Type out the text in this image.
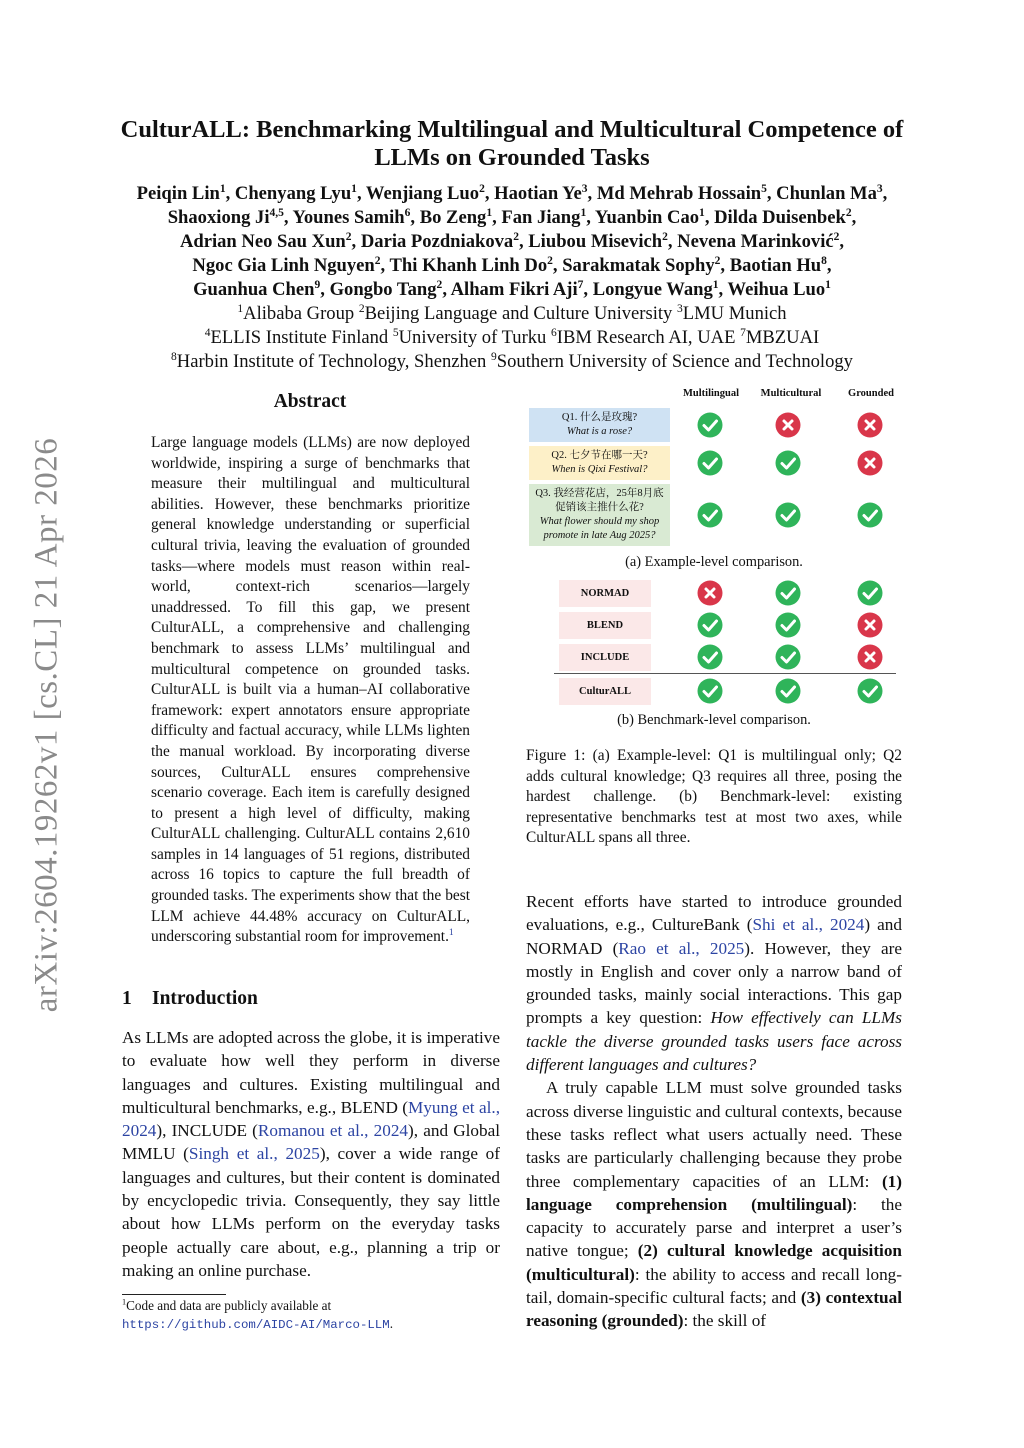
arXiv:2604.19262v1 [cs.CL] 21 Apr 2026
CulturALL: Benchmarking Multilingual and Multicultural Competence of
LLMs on Grounded Tasks
Peiqin Lin$^1$, Chenyang Lyu$^1$, Wenjiang Luo$^2$, Haotian Ye$^3$, Md Mehrab Hossain$^5$, Chunlan Ma$^3$,
Shaoxiong Ji$^{4,5}$, Younes Samih$^6$, Bo Zeng$^1$, Fan Jiang$^1$, Yuanbin Cao$^1$, Dilda Duisenbek$^2$,
Adrian Neo Sau Xun$^2$, Daria Pozdniakova$^2$, Liubou Misevich$^2$, Nevena Marinković$^2$,
Ngoc Gia Linh Nguyen$^2$, Thi Khanh Linh Do$^2$, Sarakmatak Sophy$^2$, Baotian Hu$^8$,
Guanhua Chen$^9$, Gongbo Tang$^2$, Alham Fikri Aji$^7$, Longyue Wang$^1$, Weihua Luo$^1$
$^1$Alibaba Group $^2$Beijing Language and Culture University $^3$LMU Munich
$^4$ELLIS Institute Finland $^5$University of Turku $^6$IBM Research AI, UAE $^7$MBZUAI
$^8$Harbin Institute of Technology, Shenzhen $^9$Southern University of Science and Technology
Abstract
Large language models (LLMs) are now deployed worldwide, inspiring a surge of benchmarks that measure their multilingual and multicultural abilities. However, these benchmarks prioritize general knowledge understanding or superficial cultural trivia, leaving the evaluation of grounded tasks—where models must reason within real-world, context-rich scenarios—largely unaddressed. To fill this gap, we present CulturALL, a comprehensive and challenging benchmark to assess LLMs’ multilingual and multicultural competence on grounded tasks. CulturALL is built via a human–AI collaborative framework: expert annotators ensure appropriate difficulty and factual accuracy, while LLMs lighten the manual workload. By incorporating diverse sources, CulturALL ensures comprehensive scenario coverage. Each item is carefully designed to present a high level of difficulty, making CulturALL challenging. CulturALL contains 2,610 samples in 14 languages of 51 regions, distributed across 16 topics to capture the full breadth of grounded tasks. The experiments show that the best LLM achieve 44.48% accuracy on CulturALL, underscoring substantial room for improvement.$^1$
1 Introduction
As LLMs are adopted across the globe, it is imperative to evaluate how well they perform in diverse languages and cultures. Existing multilingual and multicultural benchmarks, e.g., BLEND (Myung et al., 2024), INCLUDE (Romanou et al., 2024), and Global MMLU (Singh et al., 2025), cover a wide range of languages and cultures, but their content is dominated by encyclopedic trivia. Consequently, they say little about how LLMs perform on the everyday tasks people actually care about, e.g., planning a trip or making an online purchase.
$^1$Code and data are publicly available at https://github.com/AIDC-AI/Marco-LLM.
Multilingual	Multicultural	Grounded
Q1. 什么是玫瑰?
What is a rose?
Q2. 七夕节在哪一天?
When is Qixi Festival?
Q3. 我经营花店，25年8月底促销该主推什么花?
What flower should my shop promote in late Aug 2025?
(a) Example-level comparison.
NORMAD
BLEND
INCLUDE
CulturALL
(b) Benchmark-level comparison.
Figure 1: (a) Example-level: Q1 is multilingual only; Q2 adds cultural knowledge; Q3 requires all three, posing the hardest challenge. (b) Benchmark-level: existing representative benchmarks test at most two axes, while CulturALL spans all three.

Recent efforts have started to introduce grounded evaluations, e.g., CultureBank (Shi et al., 2024) and NORMAD (Rao et al., 2025). However, they are mostly in English and cover only a narrow band of grounded tasks, mainly social interactions. This gap prompts a key question: How effectively can LLMs tackle the diverse grounded tasks users face across different languages and cultures?

A truly capable LLM must solve grounded tasks across diverse linguistic and cultural contexts, because these tasks reflect what users actually need. These tasks are particularly challenging because they probe three complementary capacities of an LLM: (1) language comprehension (multilingual): the capacity to accurately parse and interpret a user’s native tongue; (2) cultural knowledge acquisition (multicultural): the ability to access and recall long-tail, domain-specific cultural facts; and (3) contextual reasoning (grounded): the skill of
